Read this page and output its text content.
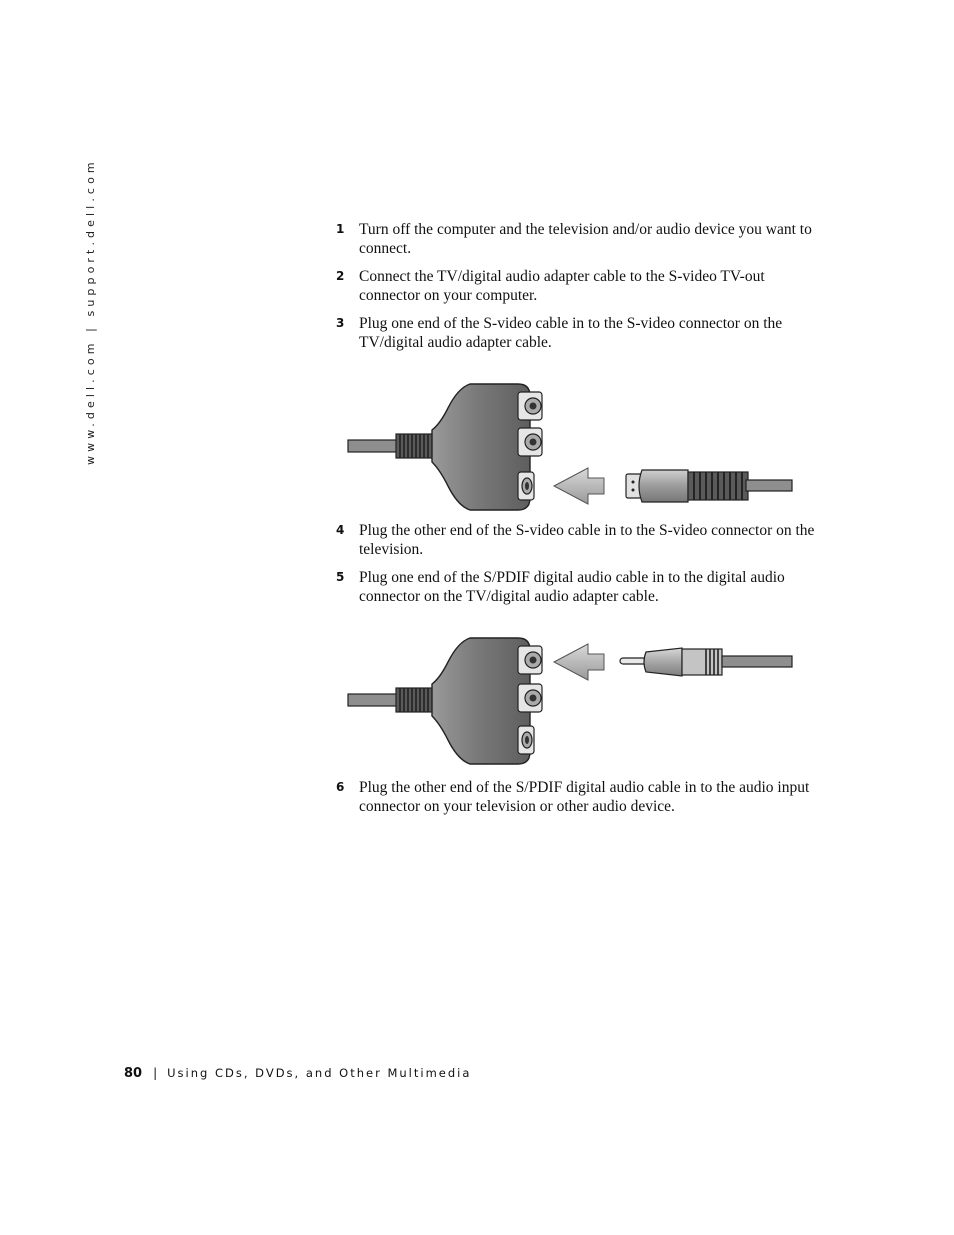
www.dell.com | support.dell.com	1 Turn off the computer and the television and/or audio device you want to connect.
2 Connect the TV/digital audio adapter cable to the S-video TV-out connector on your computer.
3 Plug one end of the S-video cable in to the S-video connector on the TV/digital audio adapter cable.
4 Plug the other end of the S-video cable in to the S-video connector on the television.
5 Plug one end of the S/PDIF digital audio cable in to the digital audio connector on the TV/digital audio adapter cable.
6 Plug the other end of the S/PDIF digital audio cable in to the audio input connector on your television or other audio device.
80 | Using CDs, DVDs, and Other Multimedia
